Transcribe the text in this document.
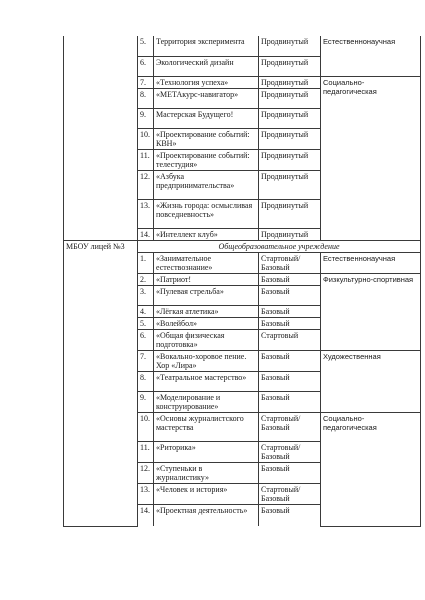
	5.	Территория эксперимента	Продвинутый	Естественнонаучная
	6.	Экологический дизайн	Продвинутый	
	7.	«Технология успеха»	Продвинутый	Социально-педагогическая
	8.	«МЕТАкурс-навигатор»	Продвинутый	
	9.	Мастерская Будущего!	Продвинутый	
	10.	«Проектирование событий: КВН»	Продвинутый	
	11.	«Проектирование событий: телестудия»	Продвинутый	
	12.	«Азбука предпринимательства»	Продвинутый	
	13.	«Жизнь города: осмысливая повседневность»	Продвинутый	
	14.	«Интеллект клуб»	Продвинутый	
МБОУ лицей №3	Общеобразовательное учреждение			
	1.	«Занимательное естествознание»	Стартовый/ Базовый	Естественнонаучная
	2.	«Патриот!	Базовый	Физкультурно-спортивная
	3.	«Пулевая стрельба»	Базовый	
	4.	«Лёгкая атлетика»	Базовый	
	5.	«Волейбол»	Базовый	
	6.	«Общая физическая подготовка»	Стартовый	
	7.	«Вокально-хоровое пение. Хор «Лира»	Базовый	Художественная
	8.	«Театральное мастерство»	Базовый	
	9.	«Моделирование и конструирование»	Базовый	
	10.	«Основы журналистского мастерства	Стартовый/ Базовый	Социально-педагогическая
	11.	«Риторика»	Стартовый/ Базовый	
	12.	«Ступеньки в журналистику»	Базовый	
	13.	«Человек и история»	Стартовый/ Базовый	
	14.	«Проектная деятельность»	Базовый	
